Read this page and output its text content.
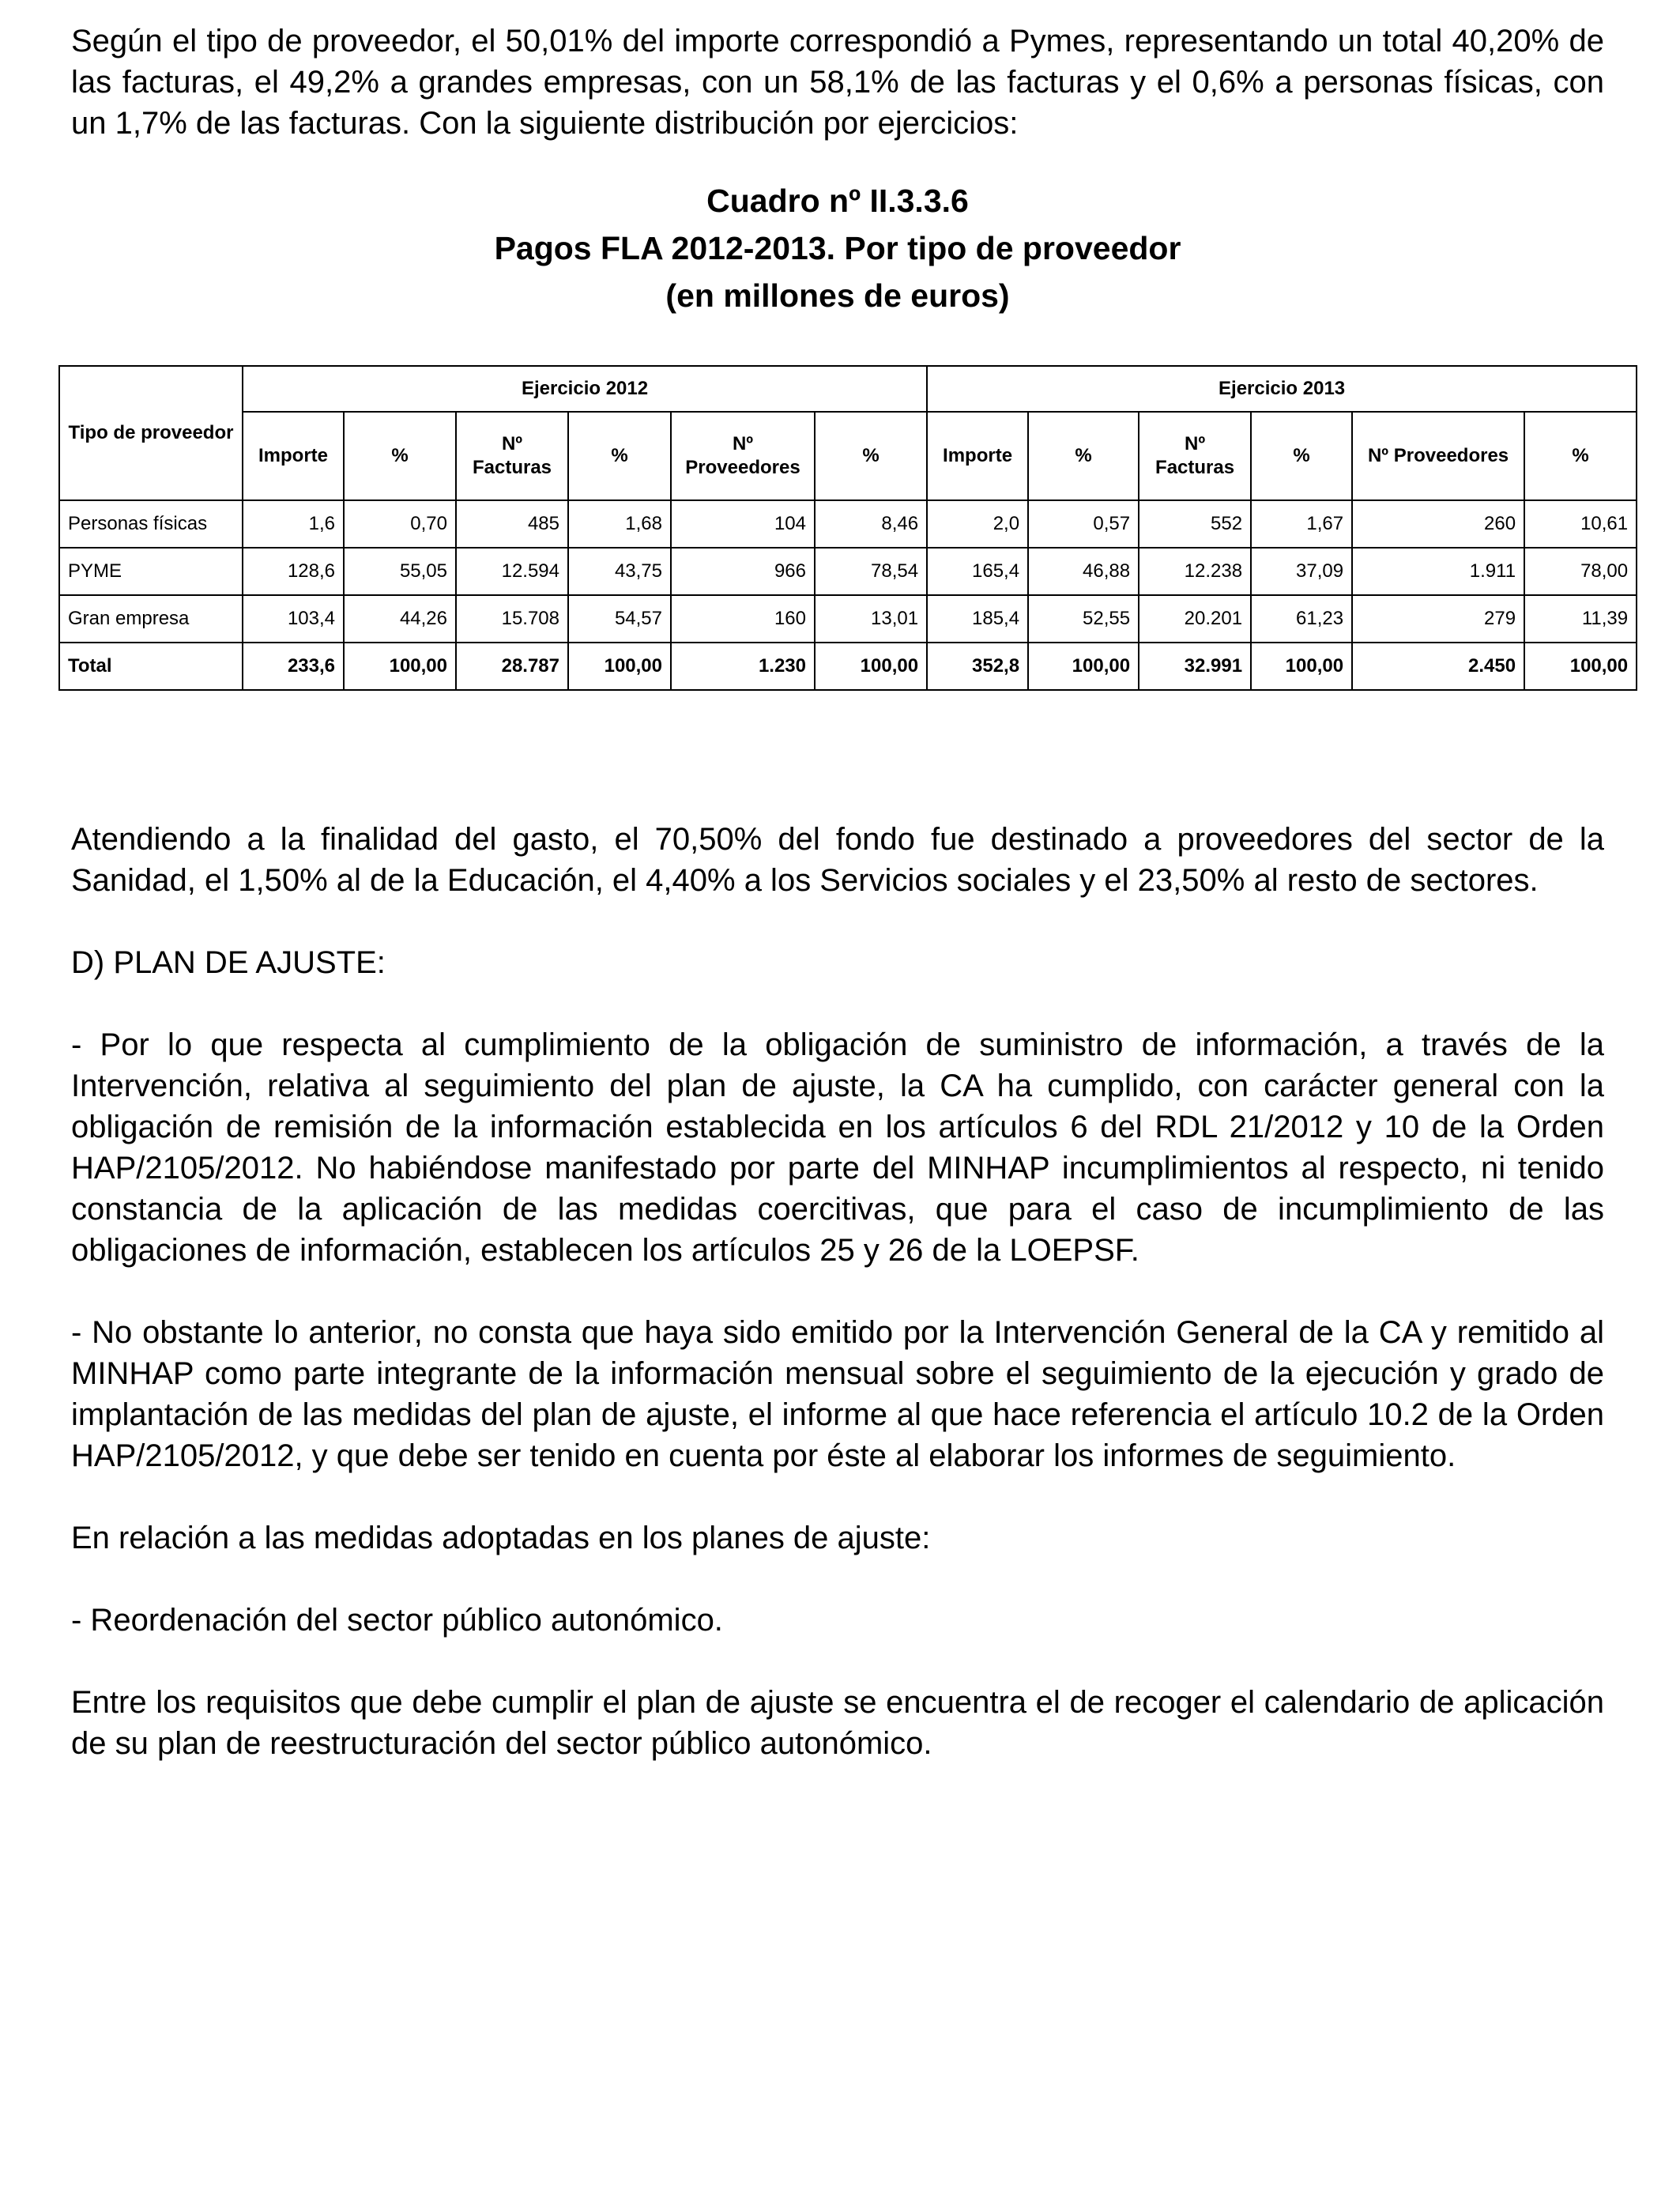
Según el tipo de proveedor, el 50,01% del importe correspondió a Pymes, representando un total 40,20% de las facturas, el 49,2% a grandes empresas, con un 58,1% de las facturas y el 0,6% a personas físicas, con un 1,7% de las facturas. Con la siguiente distribución por ejercicios:

Cuadro nº II.3.3.6

Pagos FLA 2012-2013. Por tipo de proveedor

(en millones de euros)

Tipo de proveedor	Ejercicio 2012						Ejercicio 2013					
	Importe	%	Nº Facturas	%	Nº Proveedores	%	Importe	%	Nº Facturas	%	Nº Proveedores	%
Personas físicas	1,6	0,70	485	1,68	104	8,46	2,0	0,57	552	1,67	260	10,61
PYME	128,6	55,05	12.594	43,75	966	78,54	165,4	46,88	12.238	37,09	1.911	78,00
Gran empresa	103,4	44,26	15.708	54,57	160	13,01	185,4	52,55	20.201	61,23	279	11,39
Total	233,6	100,00	28.787	100,00	1.230	100,00	352,8	100,00	32.991	100,00	2.450	100,00

Atendiendo a la finalidad del gasto, el 70,50% del fondo fue destinado a proveedores del sector de la Sanidad, el 1,50% al de la Educación, el 4,40% a los Servicios sociales y el 23,50% al resto de sectores.

D) PLAN DE AJUSTE:

- Por lo que respecta al cumplimiento de la obligación de suministro de información, a través de la Intervención, relativa al seguimiento del plan de ajuste, la CA ha cumplido, con carácter general con la obligación de remisión de la información establecida en los artículos 6 del RDL 21/2012 y 10 de la Orden HAP/2105/2012. No habiéndose manifestado por parte del MINHAP incumplimientos al respecto, ni tenido constancia de la aplicación de las medidas coercitivas, que para el caso de incumplimiento de las obligaciones de información, establecen los artículos 25 y 26 de la LOEPSF.

- No obstante lo anterior, no consta que haya sido emitido por la Intervención General de la CA y remitido al MINHAP como parte integrante de la información mensual sobre el seguimiento de la ejecución y grado de implantación de las medidas del plan de ajuste, el informe al que hace referencia el artículo 10.2 de la Orden HAP/2105/2012, y que debe ser tenido en cuenta por éste al elaborar los informes de seguimiento.

En relación a las medidas adoptadas en los planes de ajuste:

- Reordenación del sector público autonómico.

Entre los requisitos que debe cumplir el plan de ajuste se encuentra el de recoger el calendario de aplicación de su plan de reestructuración del sector público autonómico.
